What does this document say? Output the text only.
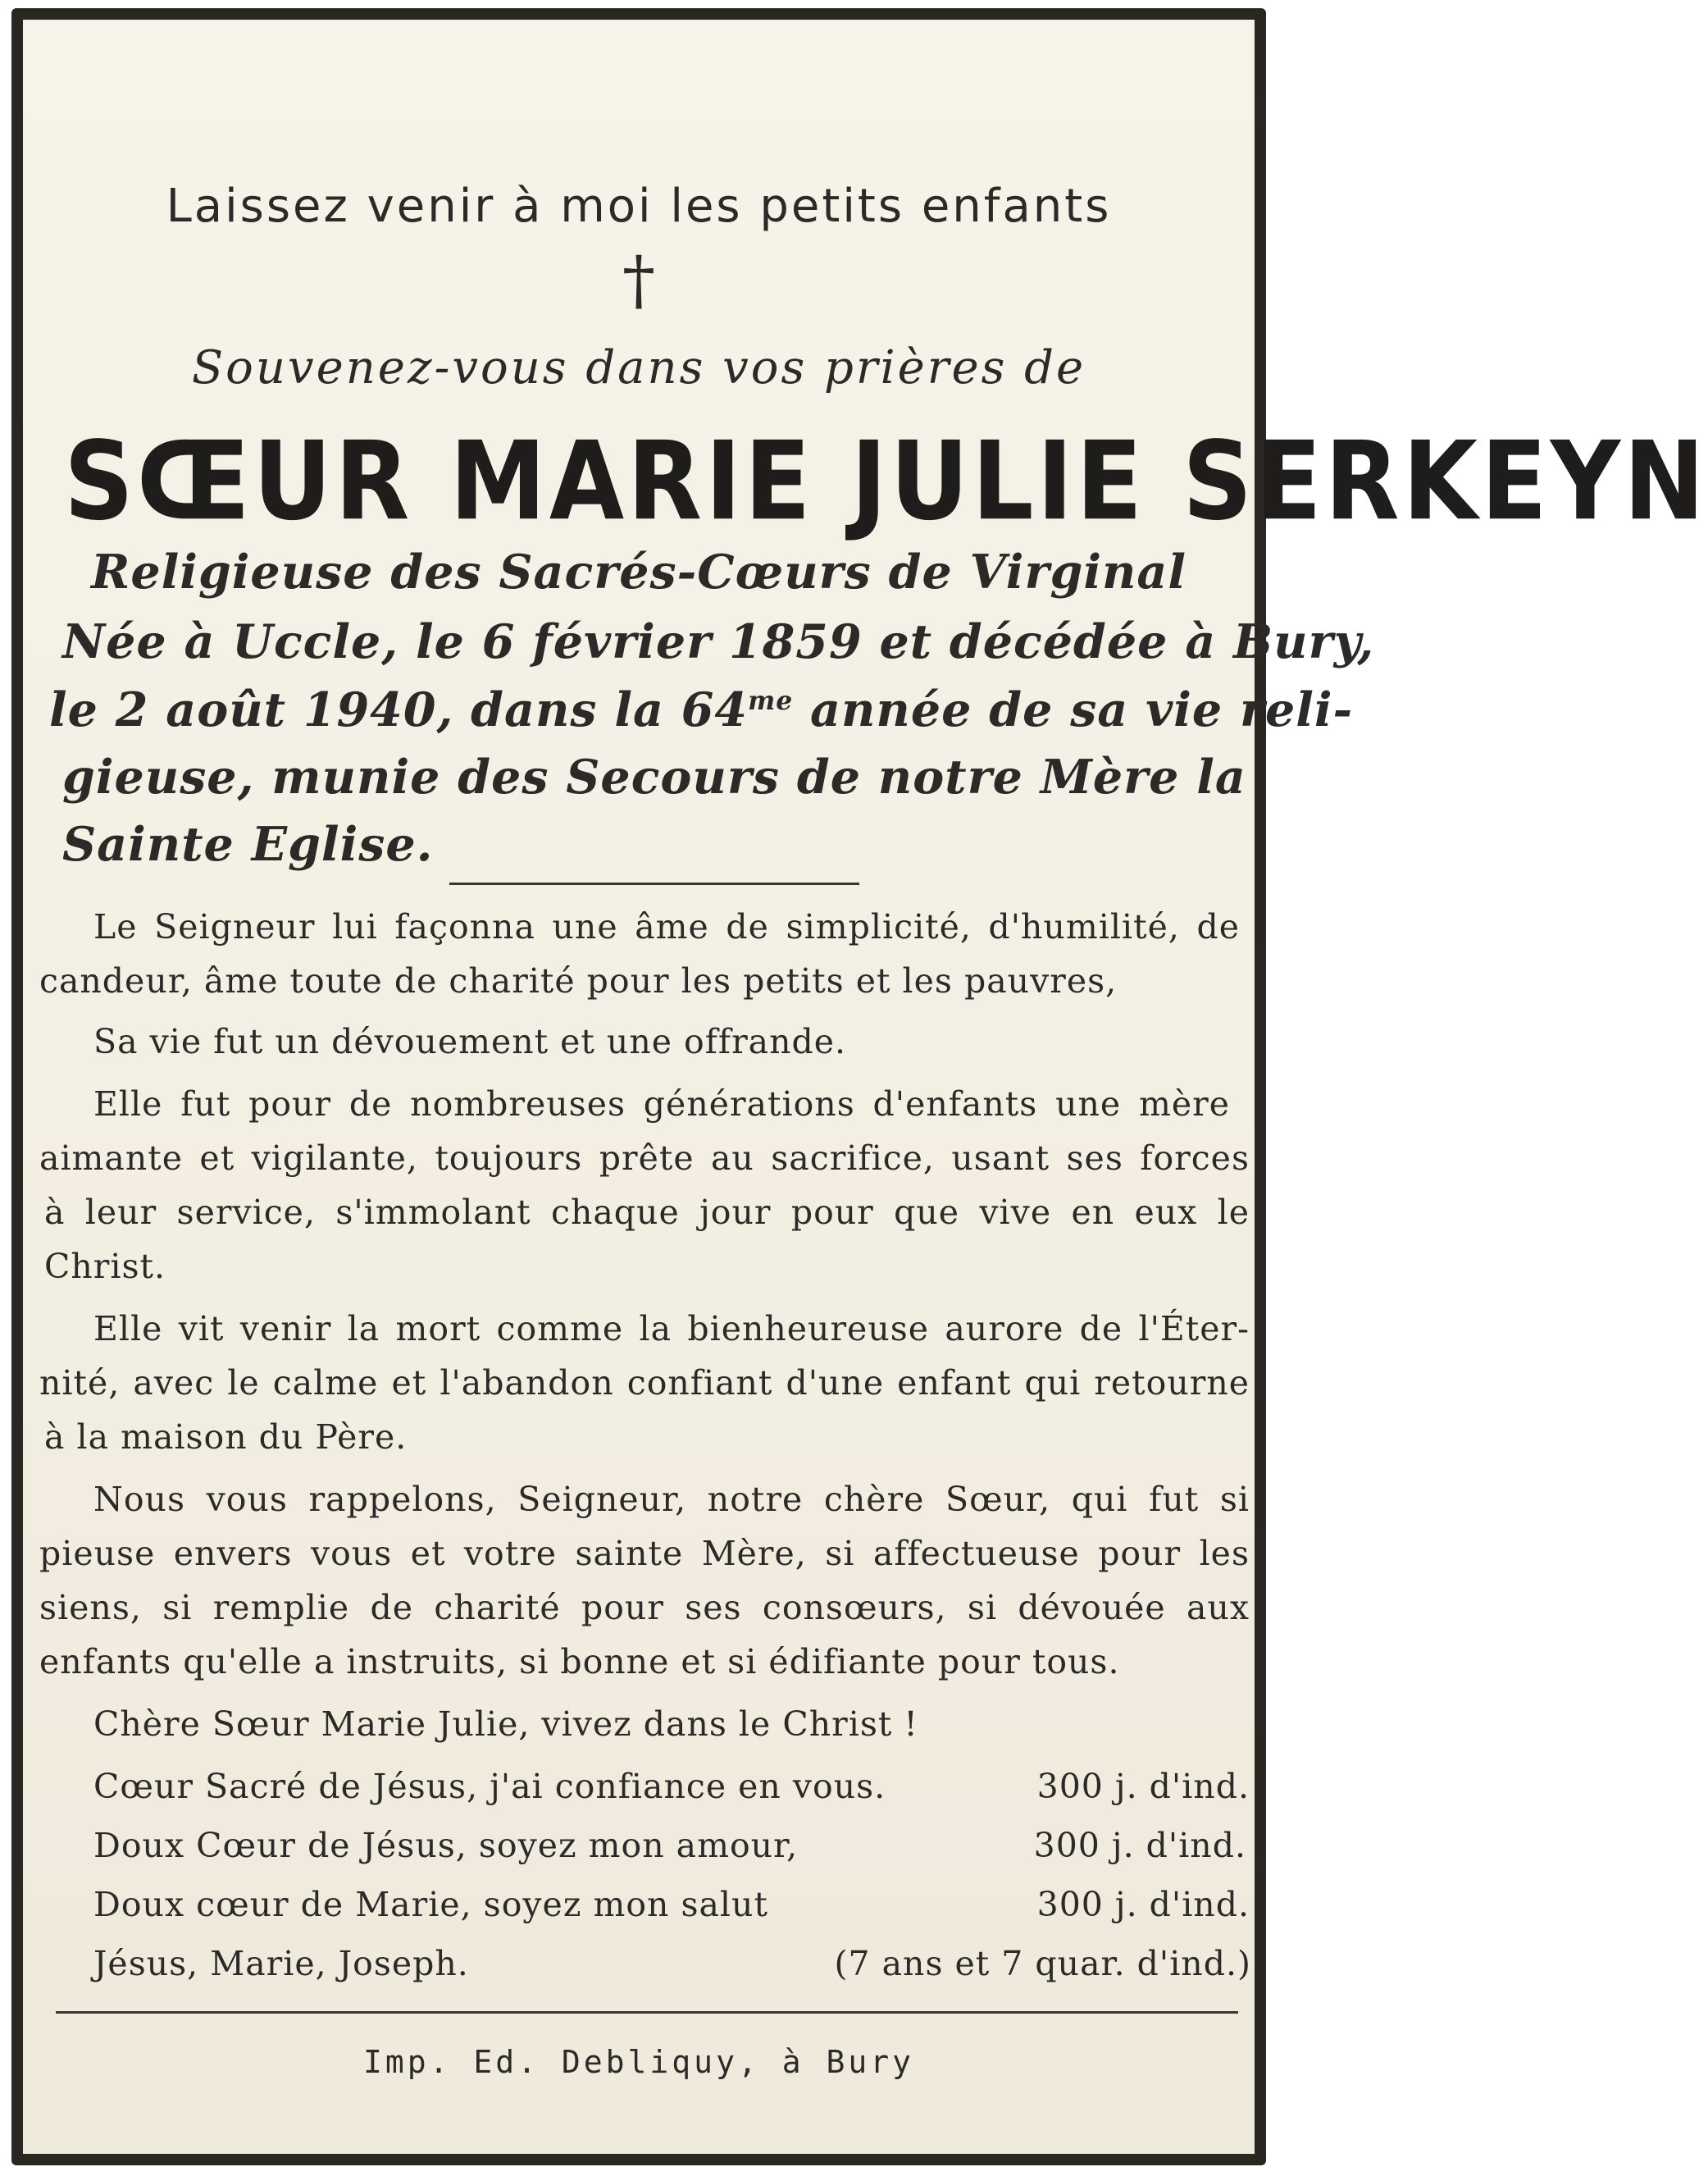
Laissez venir à moi les petits enfants
†
Souvenez-vous dans vos prières de
SŒUR MARIE JULIE SERKEYN
Religieuse des Sacrés-Cœurs de Virginal
Née à Uccle, le 6 février 1859 et décédée à Bury,
le 2 août 1940, dans la $64^{me}$ année de sa vie reli-
gieuse, munie des Secours de notre Mère la
Sainte Eglise.
Le Seigneur lui façonna une âme de simplicité, d'humilité, de
candeur, âme toute de charité pour les petits et les pauvres,
Sa vie fut un dévouement et une offrande.
Elle fut pour de nombreuses générations d'enfants une mère
aimante et vigilante, toujours prête au sacrifice, usant ses forces
à leur service, s'immolant chaque jour pour que vive en eux le
Christ.
Elle vit venir la mort comme la bienheureuse aurore de l'Éter-
nité, avec le calme et l'abandon confiant d'une enfant qui retourne
à la maison du Père.
Nous vous rappelons, Seigneur, notre chère Sœur, qui fut si
pieuse envers vous et votre sainte Mère, si affectueuse pour les
siens, si remplie de charité pour ses consœurs, si dévouée aux
enfants qu'elle a instruits, si bonne et si édifiante pour tous.
Chère Sœur Marie Julie, vivez dans le Christ !
Cœur Sacré de Jésus, j'ai confiance en vous.	300 j. d'ind.
Doux Cœur de Jésus, soyez mon amour,	300 j. d'ind.
Doux cœur de Marie, soyez mon salut	300 j. d'ind.
Jésus, Marie, Joseph.	(7 ans et 7 quar. d'ind.)
Imp. Ed. Debliquy, à Bury
